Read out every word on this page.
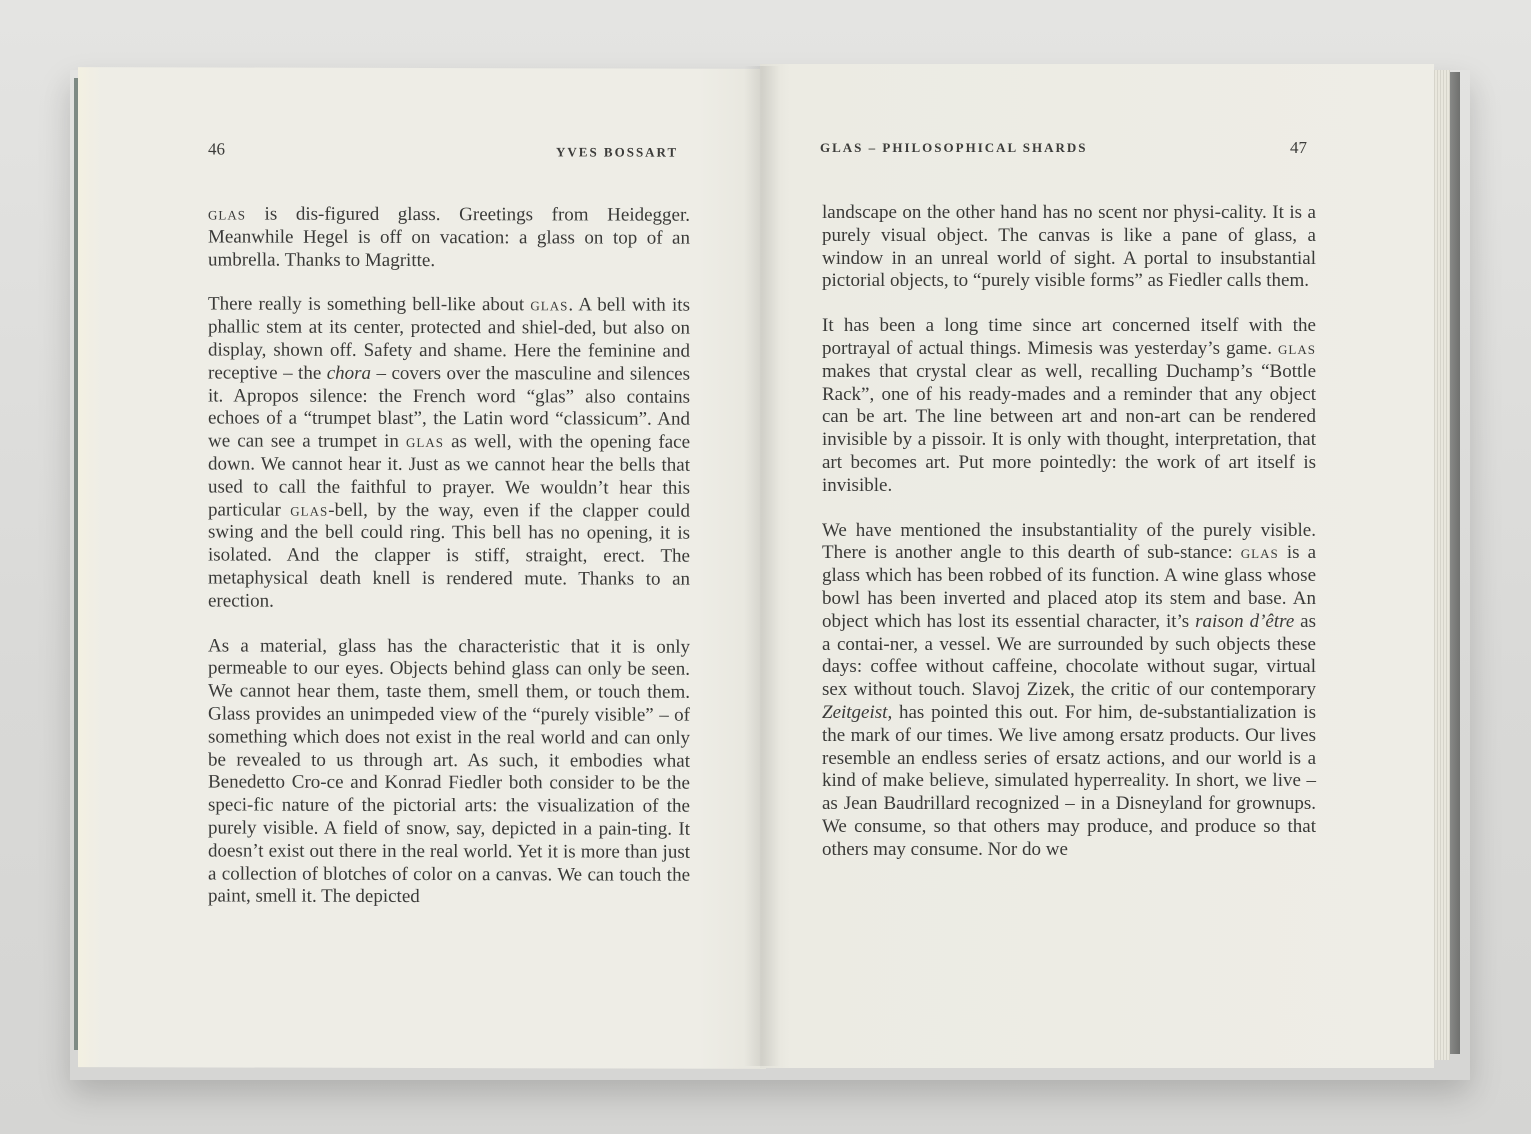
46	YVES BOSSART

glas is dis-figured glass. Greetings from Heidegger. Meanwhile Hegel is off on vacation: a glass on top of an umbrella. Thanks to Magritte.

There really is something bell-like about glas. A bell with its phallic stem at its center, protected and shiel-ded, but also on display, shown off. Safety and shame. Here the feminine and receptive – the chora – covers over the masculine and silences it. Apropos silence: the French word “glas” also contains echoes of a “trumpet blast”, the Latin word “classicum”. And we can see a trumpet in glas as well, with the opening face down. We cannot hear it. Just as we cannot hear the bells that used to call the faithful to prayer. We wouldn’t hear this particular glas-bell, by the way, even if the clapper could swing and the bell could ring. This bell has no opening, it is isolated. And the clapper is stiff, straight, erect. The metaphysical death knell is rendered mute. Thanks to an erection.

As a material, glass has the characteristic that it is only permeable to our eyes. Objects behind glass can only be seen. We cannot hear them, taste them, smell them, or touch them. Glass provides an unimpeded view of the “purely visible” – of something which does not exist in the real world and can only be revealed to us through art. As such, it embodies what Benedetto Cro-ce and Konrad Fiedler both consider to be the speci-fic nature of the pictorial arts: the visualization of the purely visible. A field of snow, say, depicted in a pain-ting. It doesn’t exist out there in the real world. Yet it is more than just a collection of blotches of color on a canvas. We can touch the paint, smell it. The depicted

GLAS – PHILOSOPHICAL SHARDS	47

landscape on the other hand has no scent nor physi-cality. It is a purely visual object. The canvas is like a pane of glass, a window in an unreal world of sight. A portal to insubstantial pictorial objects, to “purely visible forms” as Fiedler calls them.

It has been a long time since art concerned itself with the portrayal of actual things. Mimesis was yesterday’s game. glas makes that crystal clear as well, recalling Duchamp’s “Bottle Rack”, one of his ready-mades and a reminder that any object can be art. The line between art and non-art can be rendered invisible by a pissoir. It is only with thought, interpretation, that art becomes art. Put more pointedly: the work of art itself is invisible.

We have mentioned the insubstantiality of the purely visible. There is another angle to this dearth of sub-stance: glas is a glass which has been robbed of its function. A wine glass whose bowl has been inverted and placed atop its stem and base. An object which has lost its essential character, it’s raison d’être as a contai-ner, a vessel. We are surrounded by such objects these days: coffee without caffeine, chocolate without sugar, virtual sex without touch. Slavoj Zizek, the critic of our contemporary Zeitgeist, has pointed this out. For him, de-substantialization is the mark of our times. We live among ersatz products. Our lives resemble an endless series of ersatz actions, and our world is a kind of make believe, simulated hyperreality. In short, we live – as Jean Baudrillard recognized – in a Disneyland for grownups. We consume, so that others may produce, and produce so that others may consume. Nor do we
